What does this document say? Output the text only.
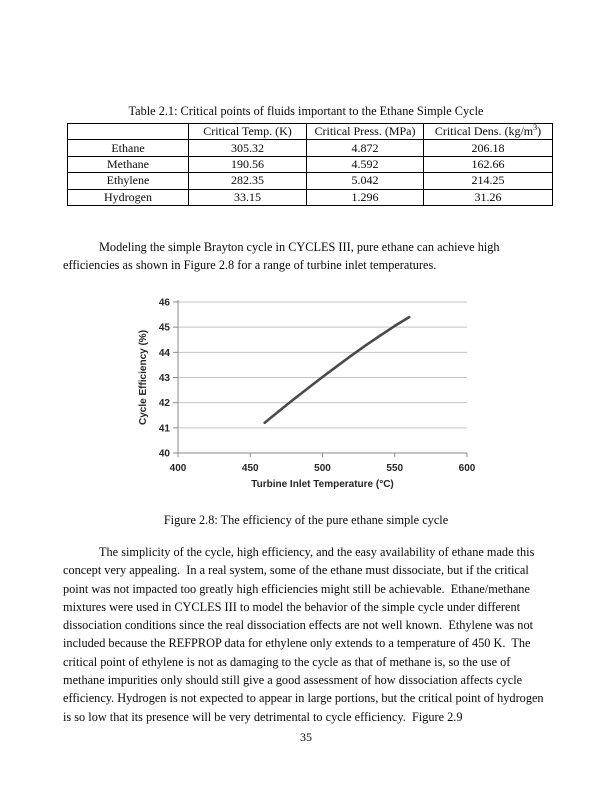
Table 2.1: Critical points of fluids important to the Ethane Simple Cycle
	Critical Temp. (K)	Critical Press. (MPa)	Critical Dens. $(kg/m^3)$
Ethane	305.32	4.872	206.18
Methane	190.56	4.592	162.66
Ethylene	282.35	5.042	214.25
Hydrogen	33.15	1.296	31.26
Modeling the simple Brayton cycle in CYCLES III, pure ethane can achieve high efficiencies as shown in Figure 2.8 for a range of turbine inlet temperatures.
40
41
42
43
44
45
46
400	450	500	550	600
Turbine Inlet Temperature (°C)
Cycle Efficiency (%)
Figure 2.8: The efficiency of the pure ethane simple cycle
The simplicity of the cycle, high efficiency, and the easy availability of ethane made this concept very appealing.  In a real system, some of the ethane must dissociate, but if the critical point was not impacted too greatly high efficiencies might still be achievable.  Ethane/methane mixtures were used in CYCLES III to model the behavior of the simple cycle under different dissociation conditions since the real dissociation effects are not well known.  Ethylene was not included because the REFPROP data for ethylene only extends to a temperature of 450 K.  The critical point of ethylene is not as damaging to the cycle as that of methane is, so the use of methane impurities only should still give a good assessment of how dissociation affects cycle efficiency. Hydrogen is not expected to appear in large portions, but the critical point of hydrogen is so low that its presence will be very detrimental to cycle efficiency.  Figure 2.9
35
